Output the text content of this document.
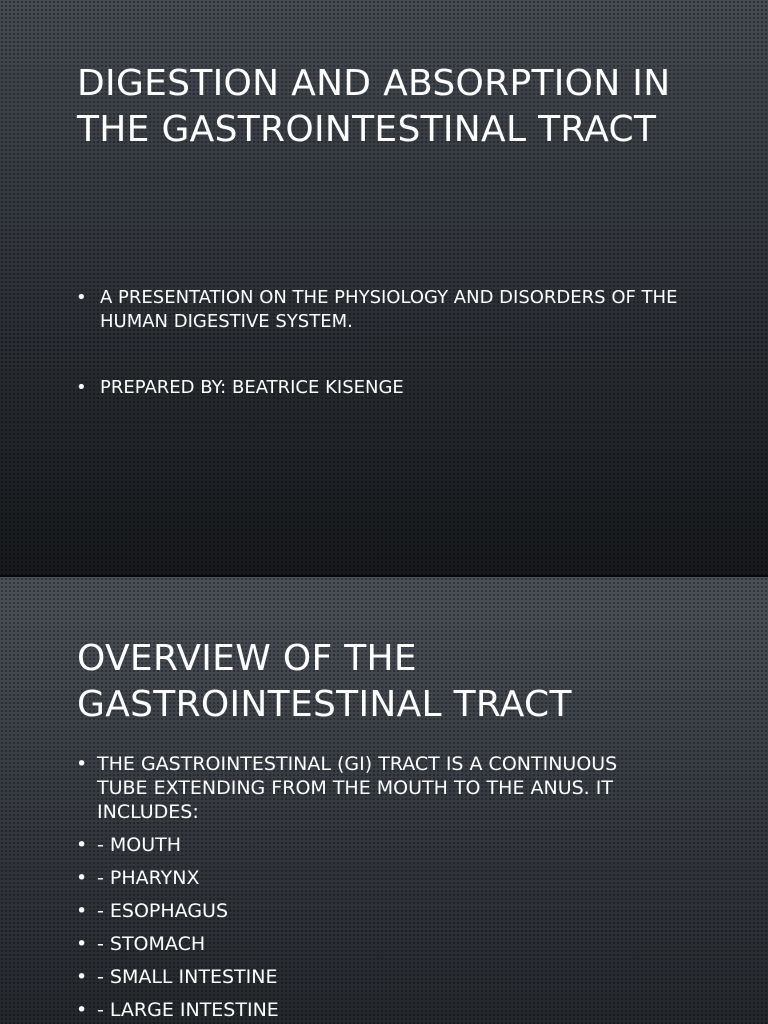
DIGESTION AND ABSORPTION IN THE GASTROINTESTINAL TRACT
• A PRESENTATION ON THE PHYSIOLOGY AND DISORDERS OF THE HUMAN DIGESTIVE SYSTEM.
• PREPARED BY: BEATRICE KISENGE
OVERVIEW OF THE GASTROINTESTINAL TRACT
• THE GASTROINTESTINAL (GI) TRACT IS A CONTINUOUS TUBE EXTENDING FROM THE MOUTH TO THE ANUS. IT INCLUDES:
• - MOUTH
• - PHARYNX
• - ESOPHAGUS
• - STOMACH
• - SMALL INTESTINE
• - LARGE INTESTINE
